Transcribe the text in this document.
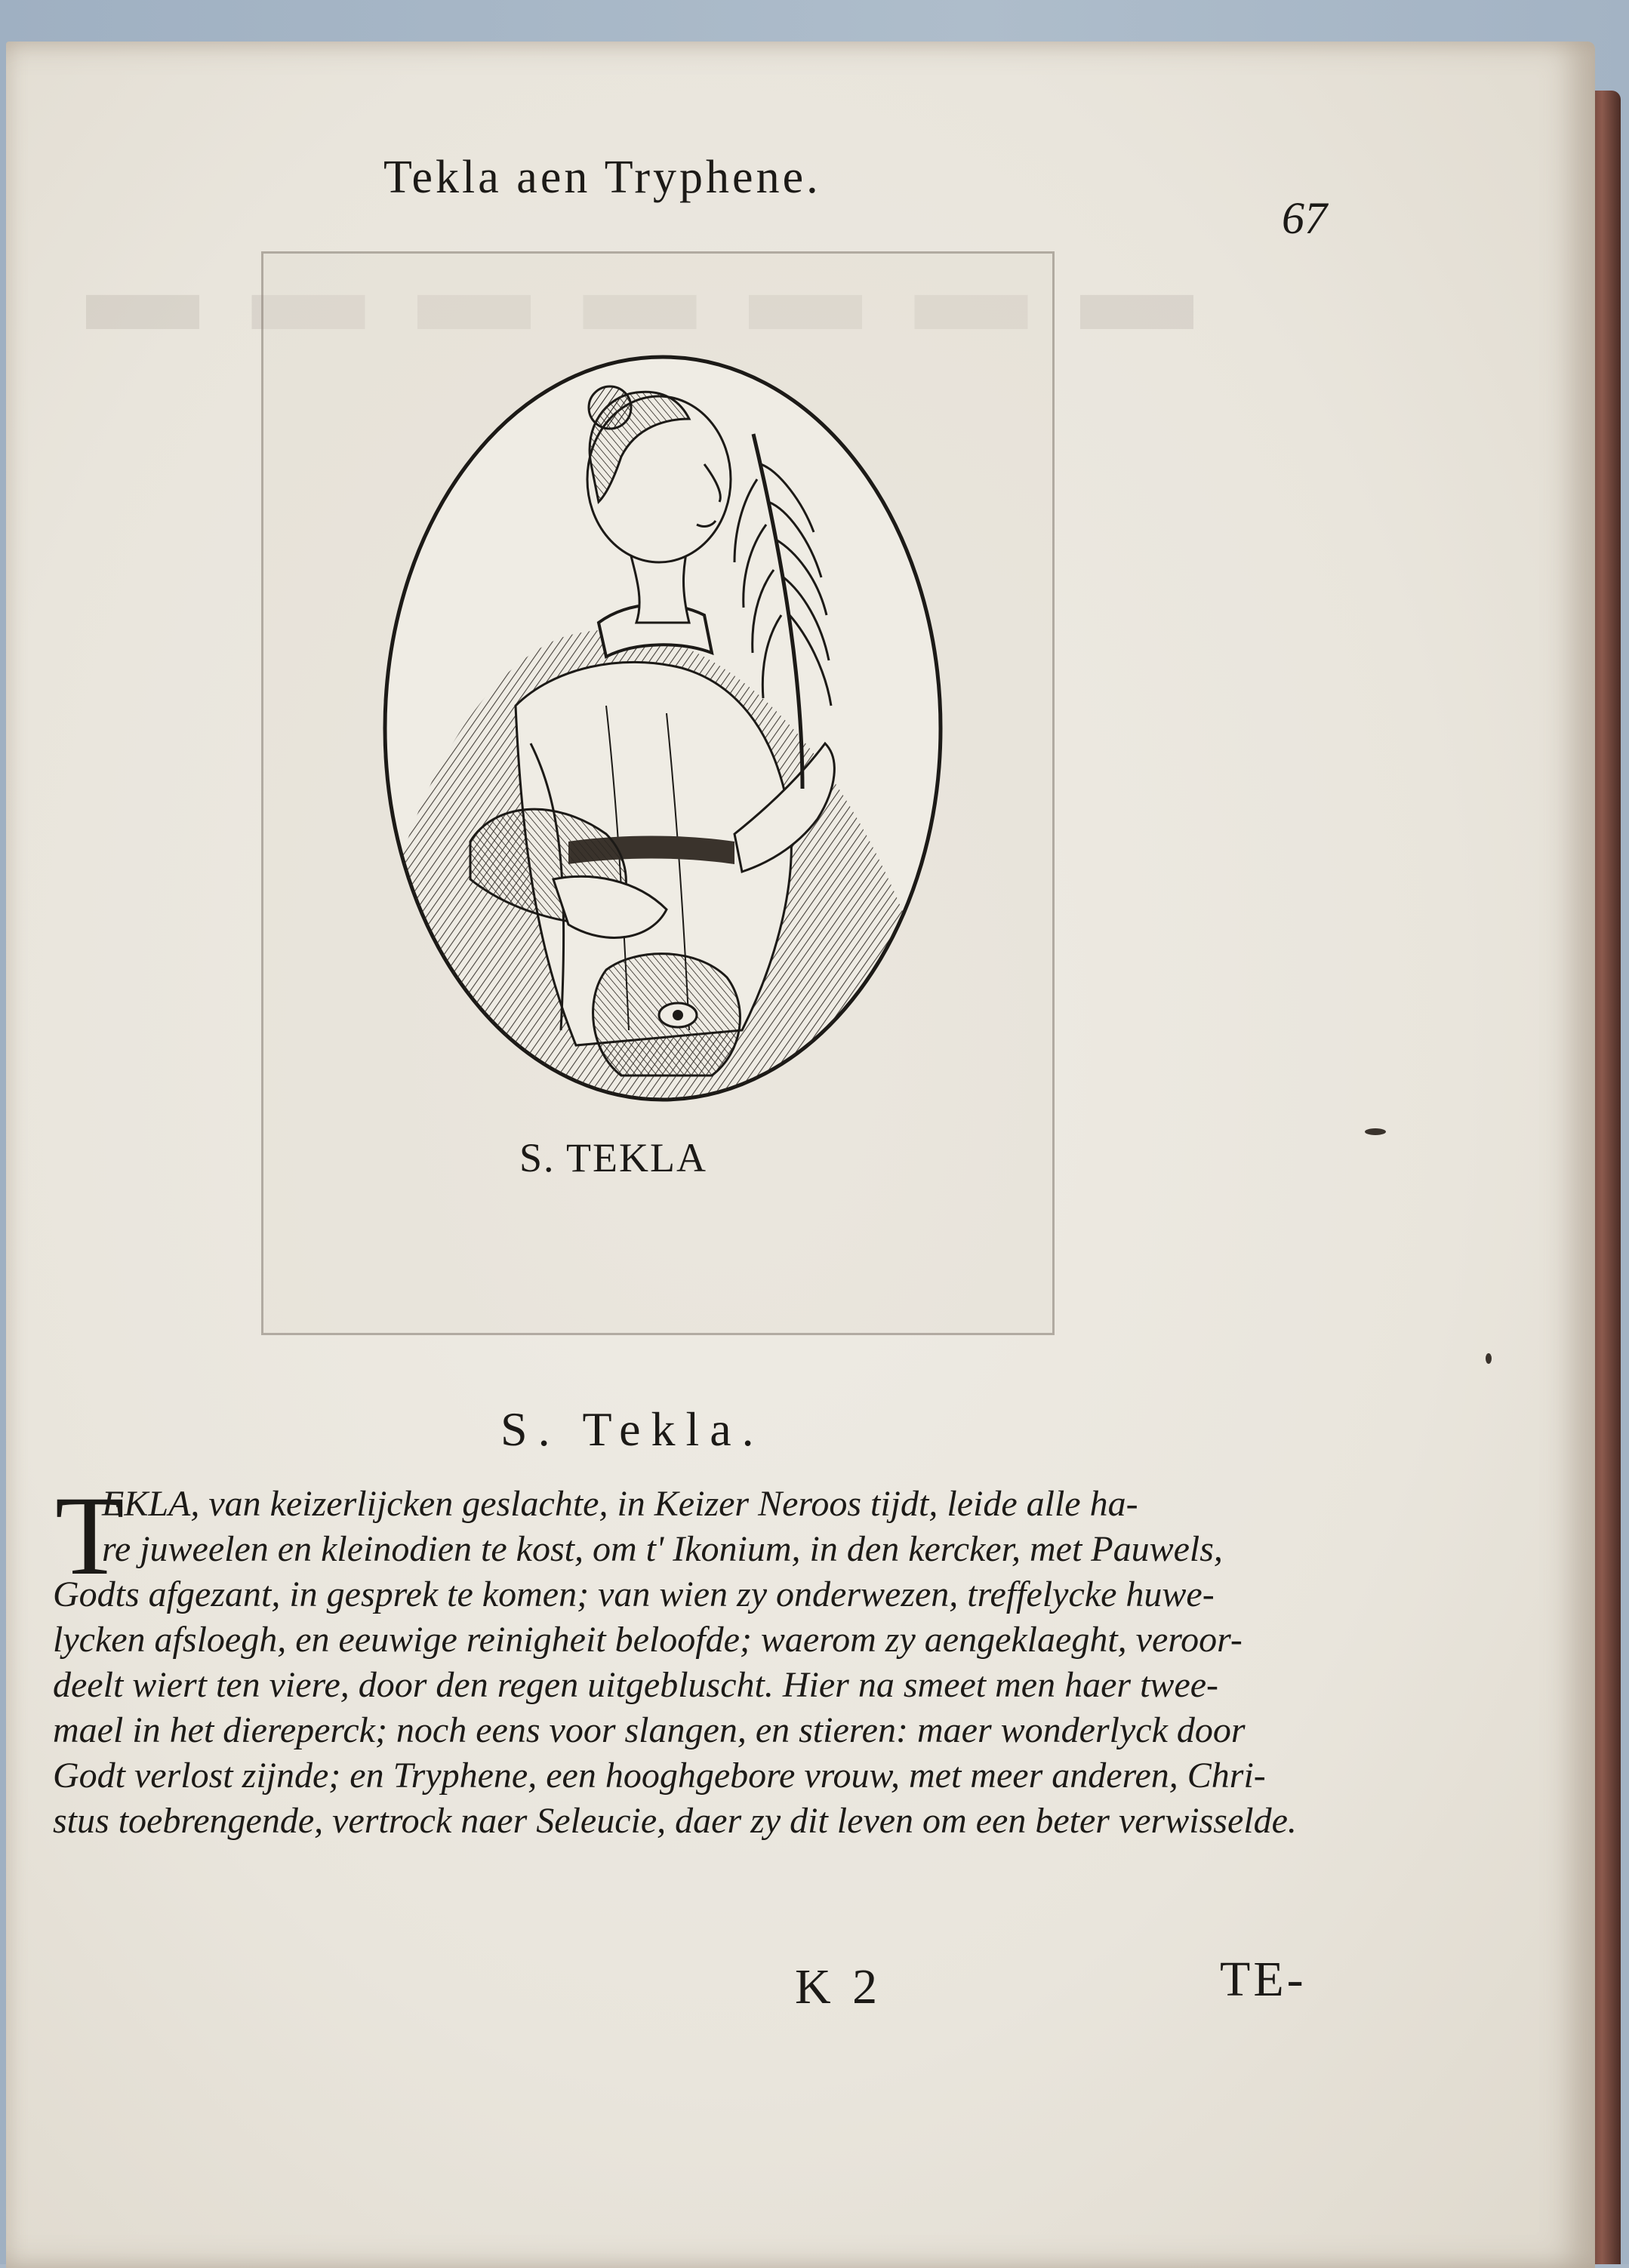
▬ ▬ ▬ ▬ ▬ ▬ ▬
Tekla aen Tryphene.
67
S. TEKLA
S. Tekla.
T
EKLA, van keizerlijcken geslachte, in Keizer Neroos tijdt, leide alle ha-
re juweelen en kleinodien te kost, om t' Ikonium, in den kercker, met Pauwels,
Godts afgezant, in gesprek te komen; van wien zy onderwezen, treffelycke huwe-
lycken afsloegh, en eeuwige reinigheit beloofde; waerom zy aengeklaeght, veroor-
deelt wiert ten viere, door den regen uitgebluscht. Hier na smeet men haer twee-
mael in het diereperck; noch eens voor slangen, en stieren: maer wonderlyck door
Godt verlost zijnde; en Tryphene, een hooghgebore vrouw, met meer anderen, Chri-
stus toebrengende, vertrock naer Seleucie, daer zy dit leven om een beter verwisselde.
K 2	TE-
